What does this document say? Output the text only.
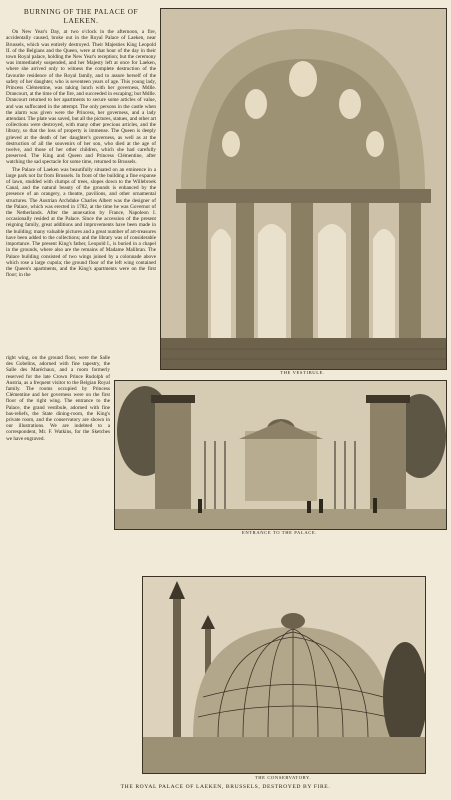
BURNING OF THE PALACE OF LAEKEN.

On New Year's Day, at two o'clock in the afternoon, a fire, accidentally caused, broke out in the Royal Palace of Laeken, near Brussels, which was entirely destroyed. Their Majesties King Leopold II. of the Belgians and the Queen, were at that hour of the day in their town Royal palace, holding the New Year's reception; but the ceremony was immediately suspended, and her Majesty left at once for Laeken, where she arrived only to witness the complete destruction of the favourite residence of the Royal family, and to assure herself of the safety of her daughter, who is seventeen years of age. This young lady, Princess Clémentine, was taking lunch with her governess, Mdlle. Drancourt, at the time of the fire, and succeeded in escaping; but Mdlle. Drancourt returned to her apartments to secure some articles of value, and was suffocated in the attempt. The only persons in the castle when the alarm was given were the Princess, her governess, and a lady attendant. The plate was saved, but all the pictures, statues, and other art collections were destroyed, with many other precious articles, and the library, so that the loss of property is immense. The Queen is deeply grieved at the death of her daughter's governess, as well as at the destruction of all the souvenirs of her son, who died at the age of twelve, and those of her other children, which she had carefully preserved. The King and Queen and Princess Clémentine, after watching the sad spectacle for some time, returned to Brussels.

The Palace of Laeken was beautifully situated on an eminence in a large park not far from Brussels. In front of the building a fine expanse of lawn, studded with clumps of trees, slopes down to the Willebroek Canal, and the natural beauty of the grounds is enhanced by the presence of an orangery, a theatre, pavilions, and other ornamental structures. The Austrian Archduke Charles Albert was the designer of the Palace, which was erected in 1782, at the time he was Governor of the Netherlands. After the annexation by France, Napoleon I. occasionally resided at the Palace. Since the accession of the present reigning family, great additions and improvements have been made in the building; many valuable pictures and a great number of art-treasures have been added to the collections; and the library was of considerable importance. The present King's father, Leopold I., is buried in a chapel in the grounds, where also are the remains of Madame Malibran. The Palace building consisted of two wings joined by a colonnade above which rose a large cupola; the ground floor of the left wing contained the Queen's apartments, and the King's apartments were on the first floor; in the

right wing, on the ground floor, were the Salle des Gobelins, adorned with fine tapestry, the Salle des Maréchaux, and a room formerly reserved for the late Crown Prince Rudolph of Austria, as a frequent visitor to the Belgian Royal family. The rooms occupied by Princess Clémentine and her governess were on the first floor of the right wing. The entrance to the Palace, the grand vestibule, adorned with fine bas-reliefs, the State dining-room, the King's private room, and the conservatory are shown in our illustrations. We are indebted to a correspondent, Mr. F. Watkins, for the Sketches we have engraved.

THE VESTIBULE.
ENTRANCE TO THE PALACE.
THE CONSERVATORY.
THE ROYAL PALACE OF LAEKEN, BRUSSELS, DESTROYED BY FIRE.
